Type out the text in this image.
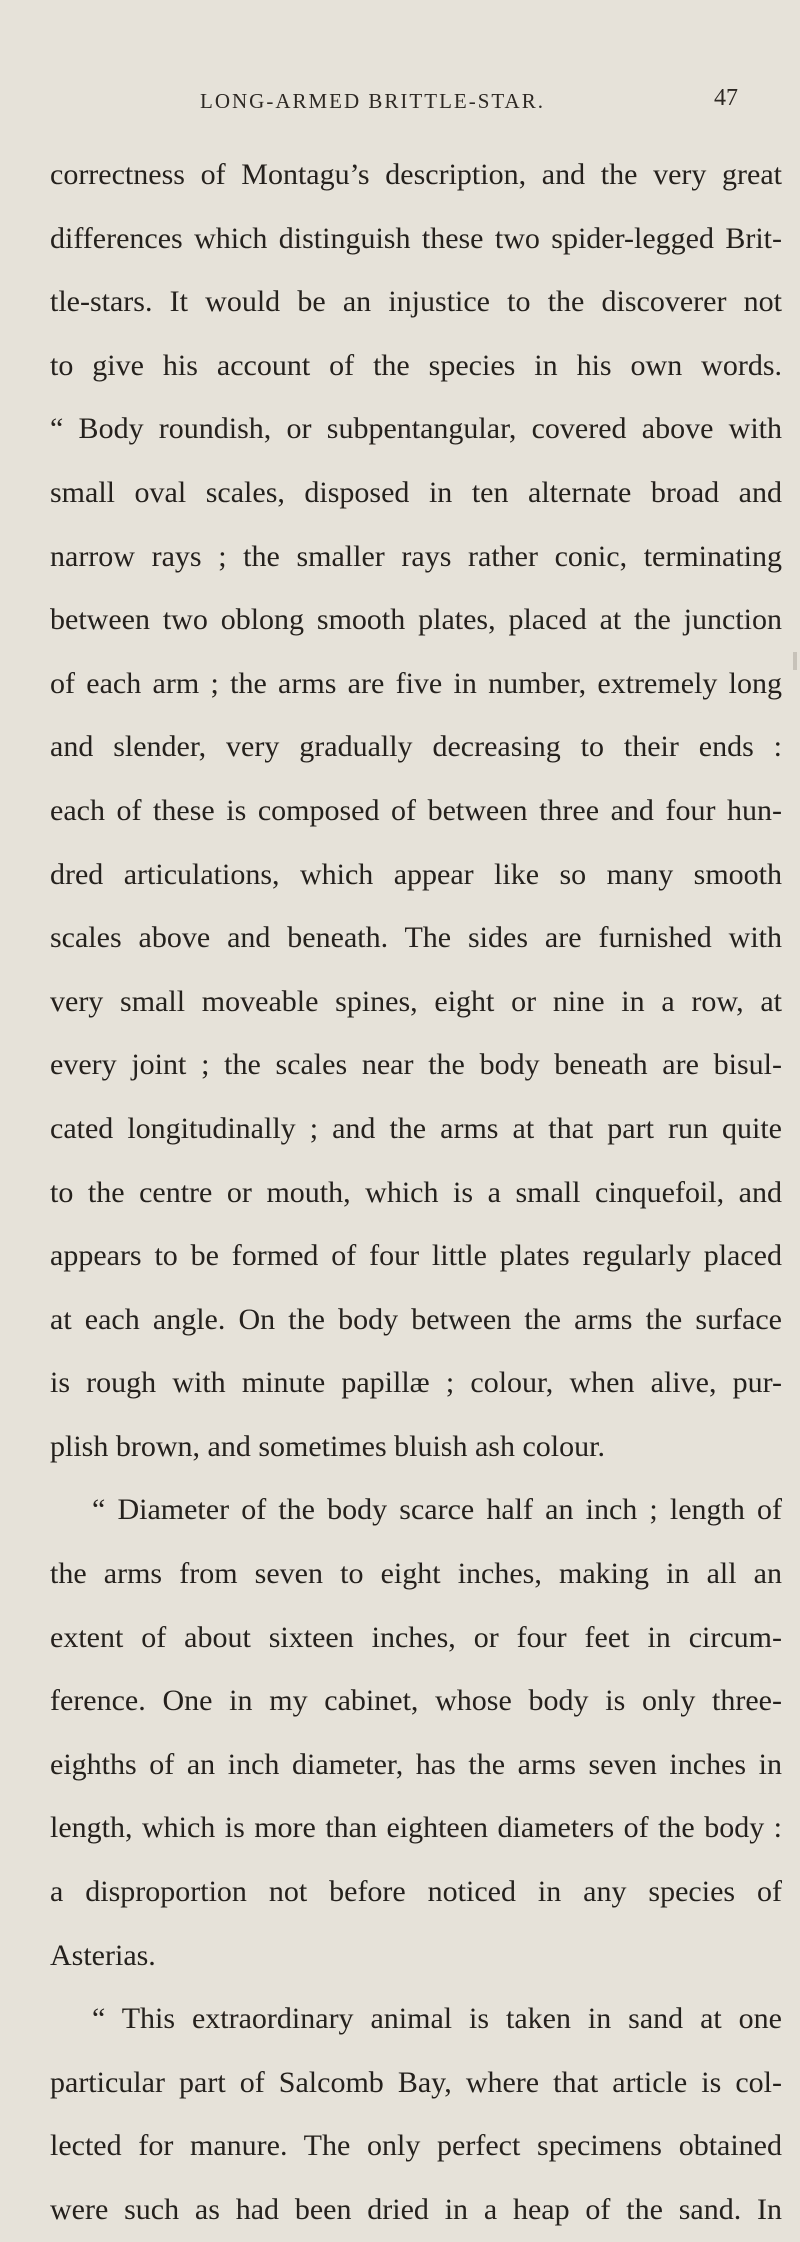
LONG-ARMED BRITTLE-STAR.	47
correctness of Montagu’s description, and the very great
differences which distinguish these two spider-legged Brit-
tle-stars. It would be an injustice to the discoverer not
to give his account of the species in his own words.
“ Body roundish, or subpentangular, covered above with
small oval scales, disposed in ten alternate broad and
narrow rays ; the smaller rays rather conic, terminating
between two oblong smooth plates, placed at the junction
of each arm ; the arms are five in number, extremely long
and slender, very gradually decreasing to their ends :
each of these is composed of between three and four hun-
dred articulations, which appear like so many smooth
scales above and beneath. The sides are furnished with
very small moveable spines, eight or nine in a row, at
every joint ; the scales near the body beneath are bisul-
cated longitudinally ; and the arms at that part run quite
to the centre or mouth, which is a small cinquefoil, and
appears to be formed of four little plates regularly placed
at each angle. On the body between the arms the surface
is rough with minute papillæ ; colour, when alive, pur-
plish brown, and sometimes bluish ash colour.
“ Diameter of the body scarce half an inch ; length of
the arms from seven to eight inches, making in all an
extent of about sixteen inches, or four feet in circum-
ference. One in my cabinet, whose body is only three-
eighths of an inch diameter, has the arms seven inches in
length, which is more than eighteen diameters of the body :
a disproportion not before noticed in any species of
Asterias.
“ This extraordinary animal is taken in sand at one
particular part of Salcomb Bay, where that article is col-
lected for manure. The only perfect specimens obtained
were such as had been dried in a heap of the sand. In
